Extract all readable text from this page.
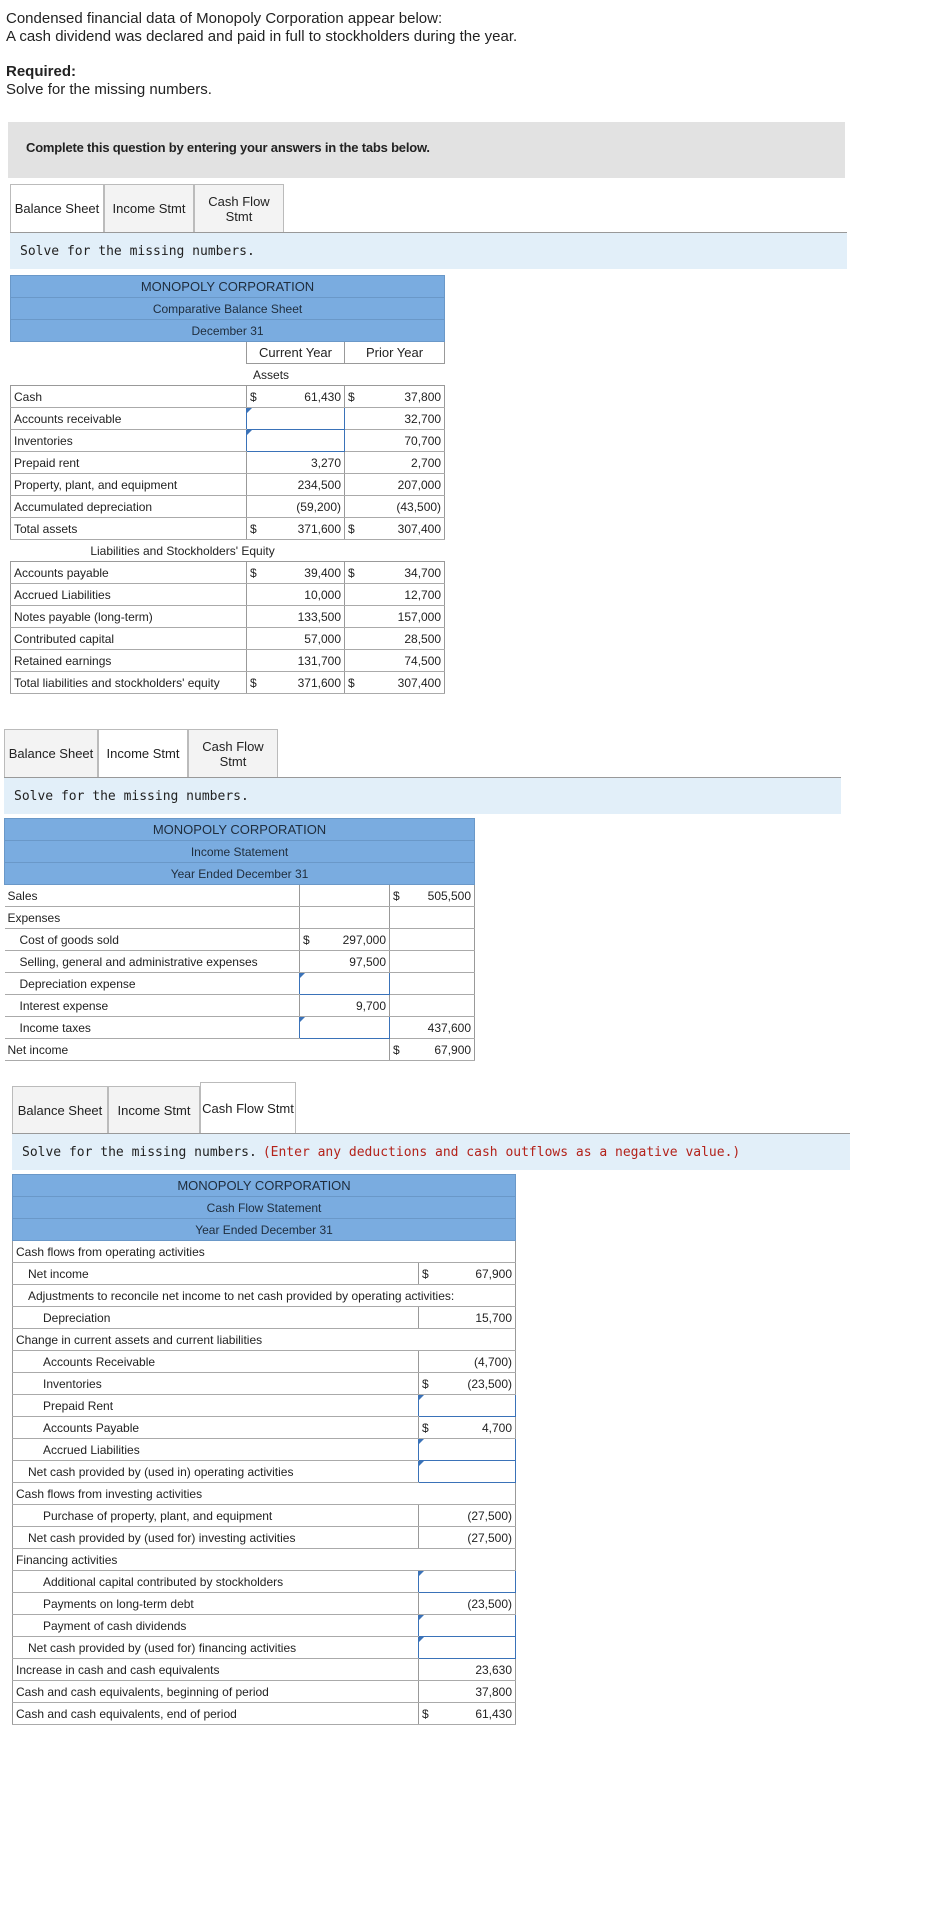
Condensed financial data of Monopoly Corporation appear below:

A cash dividend was declared and paid in full to stockholders during the year.

Required:
Solve for the missing numbers.
Complete this question by entering your answers in the tabs below.
Balance Sheet	Income Stmt	Cash Flow Stmt
Solve for the missing numbers.
MONOPOLY CORPORATION				
Comparative Balance Sheet				
December 31				
	Current Year		Prior Year	
Assets				
Cash	$	61,430	$	37,800
Accounts receivable			32,700	
Inventories			70,700	
Prepaid rent	3,270		2,700	
Property, plant, and equipment	234,500		207,000	
Accumulated depreciation	(59,200)		(43,500)	
Total assets	$	371,600	$	307,400
Liabilities and Stockholders' Equity				
Accounts payable	$	39,400	$	34,700
Accrued Liabilities	10,000		12,700	
Notes payable (long-term)	133,500		157,000	
Contributed capital	57,000		28,500	
Retained earnings	131,700		74,500	
Total liabilities and stockholders' equity	$	371,600	$	307,400
Balance Sheet	Income Stmt	Cash Flow Stmt
Solve for the missing numbers.
MONOPOLY CORPORATION				
Income Statement				
Year Ended December 31				
Sales			$	505,500
Expenses				
Cost of goods sold	$	297,000		
Selling, general and administrative expenses	97,500			
Depreciation expense				
Interest expense	9,700			
Income taxes			437,600	
Net income			$	67,900
Balance Sheet	Income Stmt Cash Flow Stmt
Solve for the missing numbers. (Enter any deductions and cash outflows as a negative value.)
MONOPOLY CORPORATION		
Cash Flow Statement		
Year Ended December 31		
Cash flows from operating activities		
Net income	$	67,900
Adjustments to reconcile net income to net cash provided by operating activities:		
Depreciation	15,700	
Change in current assets and current liabilities		
Accounts Receivable	(4,700)	
Inventories	$	(23,500)
Prepaid Rent		
Accounts Payable	$	4,700
Accrued Liabilities		
Net cash provided by (used in) operating activities		
Cash flows from investing activities		
Purchase of property, plant, and equipment	(27,500)	
Net cash provided by (used for) investing activities	(27,500)	
Financing activities		
Additional capital contributed by stockholders		
Payments on long-term debt	(23,500)	
Payment of cash dividends		
Net cash provided by (used for) financing activities		
Increase in cash and cash equivalents	23,630	
Cash and cash equivalents, beginning of period	37,800	
Cash and cash equivalents, end of period	$	61,430
